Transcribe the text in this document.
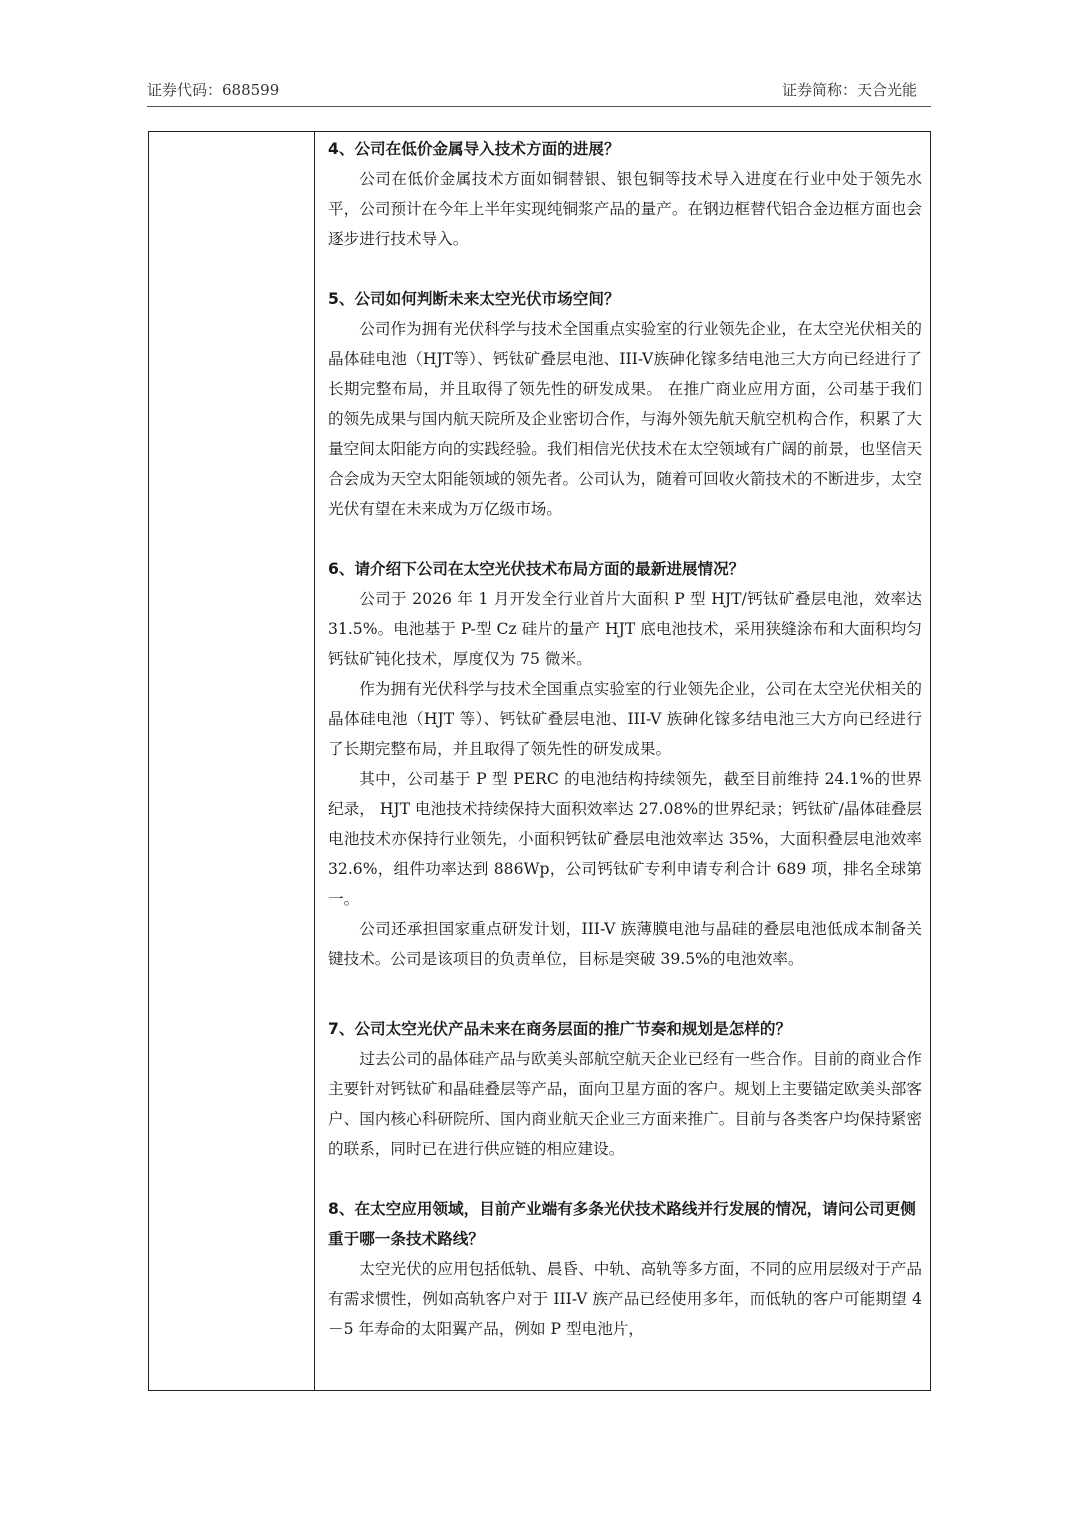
证券代码：688599	证券简称：天合光能

4、公司在低价金属导入技术方面的进展？

公司在低价金属技术方面如铜替银、银包铜等技术导入进度在行业中处于领先水平，公司预计在今年上半年实现纯铜浆产品的量产。在钢边框替代铝合金边框方面也会逐步进行技术导入。

5、公司如何判断未来太空光伏市场空间？

公司作为拥有光伏科学与技术全国重点实验室的行业领先企业，在太空光伏相关的晶体硅电池（HJT等）、钙钛矿叠层电池、III-V族砷化镓多结电池三大方向已经进行了长期完整布局，并且取得了领先性的研发成果。 在推广商业应用方面，公司基于我们的领先成果与国内航天院所及企业密切合作，与海外领先航天航空机构合作，积累了大量空间太阳能方向的实践经验。我们相信光伏技术在太空领域有广阔的前景，也坚信天合会成为天空太阳能领域的领先者。公司认为，随着可回收火箭技术的不断进步，太空光伏有望在未来成为万亿级市场。

6、请介绍下公司在太空光伏技术布局方面的最新进展情况？

公司于 2026 年 1 月开发全行业首片大面积 P 型 HJT/钙钛矿叠层电池，效率达 31.5%。电池基于 P-型 Cz 硅片的量产 HJT 底电池技术，采用狭缝涂布和大面积均匀钙钛矿钝化技术，厚度仅为 75 微米。

作为拥有光伏科学与技术全国重点实验室的行业领先企业，公司在太空光伏相关的晶体硅电池（HJT 等）、钙钛矿叠层电池、III-V 族砷化镓多结电池三大方向已经进行了长期完整布局，并且取得了领先性的研发成果。

其中，公司基于 P 型 PERC 的电池结构持续领先，截至目前维持 24.1%的世界纪录， HJT 电池技术持续保持大面积效率达 27.08%的世界纪录；钙钛矿/晶体硅叠层电池技术亦保持行业领先，小面积钙钛矿叠层电池效率达 35%，大面积叠层电池效率 32.6%，组件功率达到 886Wp，公司钙钛矿专利申请专利合计 689 项，排名全球第一。

公司还承担国家重点研发计划，III-V 族薄膜电池与晶硅的叠层电池低成本制备关键技术。公司是该项目的负责单位，目标是突破 39.5%的电池效率。

7、公司太空光伏产品未来在商务层面的推广节奏和规划是怎样的？

过去公司的晶体硅产品与欧美头部航空航天企业已经有一些合作。目前的商业合作主要针对钙钛矿和晶硅叠层等产品，面向卫星方面的客户。规划上主要锚定欧美头部客户、国内核心科研院所、国内商业航天企业三方面来推广。目前与各类客户均保持紧密的联系，同时已在进行供应链的相应建设。

8、在太空应用领域，目前产业端有多条光伏技术路线并行发展的情况，请问公司更侧重于哪一条技术路线？

太空光伏的应用包括低轨、晨昏、中轨、高轨等多方面，不同的应用层级对于产品有需求惯性，例如高轨客户对于 III-V 族产品已经使用多年，而低轨的客户可能期望 4－5 年寿命的太阳翼产品，例如 P 型电池片，
